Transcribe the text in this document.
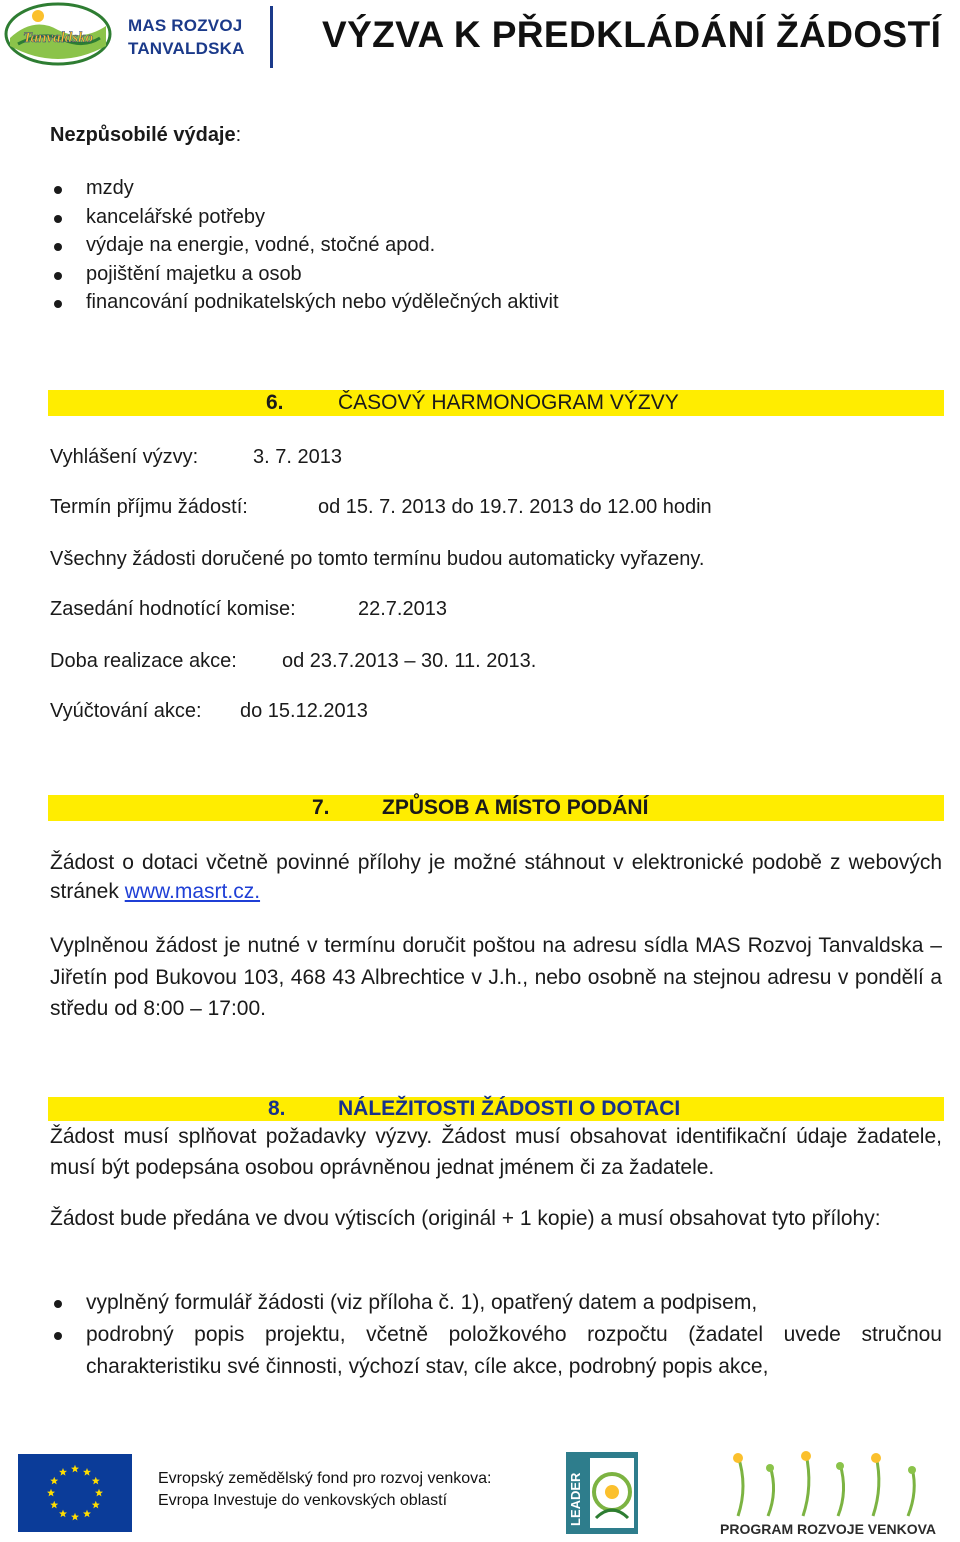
Tanvaldsko
MAS ROZVOJ
TANVALDSKA	VÝZVA K PŘEDKLÁDÁNÍ ŽÁDOSTÍ
Nezpůsobilé výdaje:
mzdy
kancelářské potřeby
výdaje na energie, vodné, stočné apod.
pojištění majetku a osob
financování podnikatelských nebo výdělečných aktivit
6.	ČASOVÝ HARMONOGRAM VÝZVY
Vyhlášení výzvy:	3. 7. 2013
Termín příjmu žádostí:	od 15. 7. 2013 do 19.7. 2013 do 12.00 hodin
Všechny žádosti doručené po tomto termínu budou automaticky vyřazeny.
Zasedání hodnotící komise:	22.7.2013
Doba realizace akce: od 23.7.2013 – 30. 11. 2013.
Vyúčtování akce: do 15.12.2013
7. ZPŮSOB A MÍSTO PODÁNÍ
Žádost o dotaci včetně povinné přílohy je možné stáhnout v elektronické podobě z webových stránek www.masrt.cz.
Vyplněnou žádost je nutné v termínu doručit poštou na adresu sídla MAS Rozvoj Tanvaldska – Jiřetín pod Bukovou 103, 468 43 Albrechtice v J.h., nebo osobně na stejnou adresu v pondělí a středu od 8:00 – 17:00.
8. NÁLEŽITOSTI ŽÁDOSTI O DOTACI
Žádost musí splňovat požadavky výzvy. Žádost musí obsahovat identifikační údaje žadatele, musí být podepsána osobou oprávněnou jednat jménem či za žadatele.
Žádost bude předána ve dvou výtiscích (originál + 1 kopie) a musí obsahovat tyto přílohy:
vyplněný formulář žádosti (viz příloha č. 1), opatřený datem a podpisem,
podrobný popis projektu, včetně položkového rozpočtu (žadatel uvede stručnou charakteristiku své činnosti, výchozí stav, cíle akce, podrobný popis akce,
Evropský zemědělský fond pro rozvoj venkova:
Evropa Investuje do venkovských oblastí	LEADER
PROGRAM ROZVOJE VENKOVA
